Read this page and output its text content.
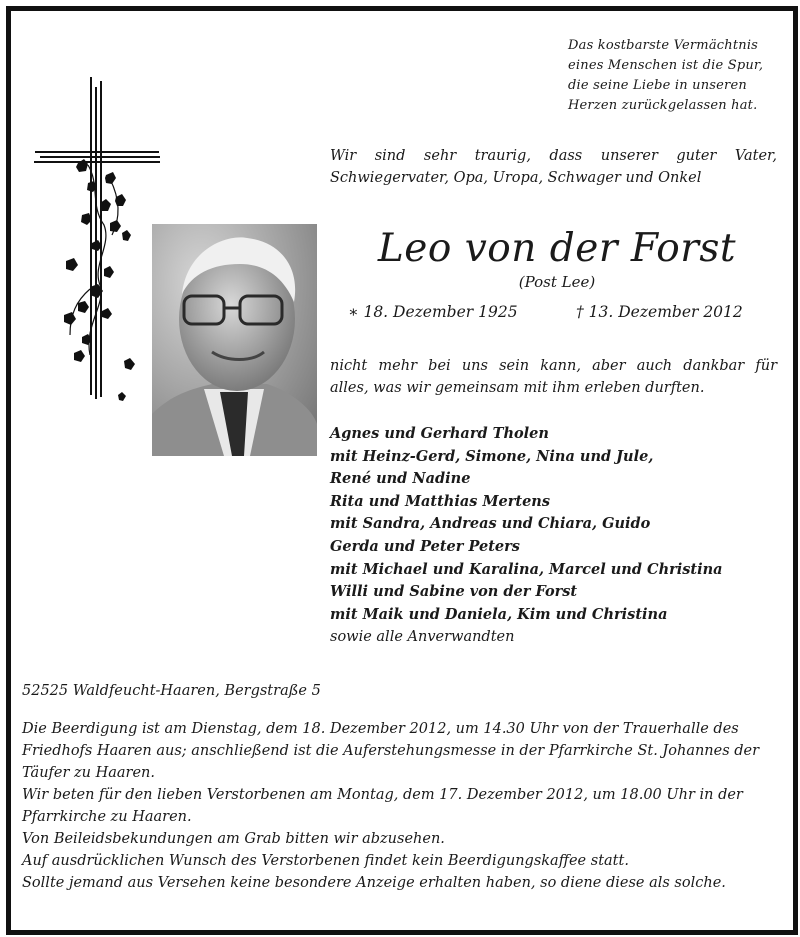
Das kostbarste Vermächtnis
eines Menschen ist die Spur,
die seine Liebe in unseren
Herzen zurückgelassen hat.
Wir sind sehr traurig, dass unserer guter Vater,
Schwiegervater, Opa, Uropa, Schwager und Onkel
Leo von der Forst
(Post Lee)
∗ 18. Dezember 1925	† 13. Dezember 2012
nicht mehr bei uns sein kann, aber auch dankbar für
alles, was wir gemeinsam mit ihm erleben durften.
Agnes und Gerhard Tholen
mit Heinz-Gerd, Simone, Nina und Jule,
René und Nadine
Rita und Matthias Mertens
mit Sandra, Andreas und Chiara, Guido
Gerda und Peter Peters
mit Michael und Karalina, Marcel und Christina
Willi und Sabine von der Forst
mit Maik und Daniela, Kim und Christina
sowie alle Anverwandten
52525 Waldfeucht-Haaren, Bergstraße 5

Die Beerdigung ist am Dienstag, dem 18. Dezember 2012, um 14.30 Uhr von der Trauerhalle des Friedhofs Haaren aus; anschließend ist die Auferstehungsmesse in der Pfarrkirche St. Johannes der Täufer zu Haaren.

Wir beten für den lieben Verstorbenen am Montag, dem 17. Dezember 2012, um 18.00 Uhr in der Pfarrkirche zu Haaren.

Von Beileidsbekundungen am Grab bitten wir abzusehen.

Auf ausdrücklichen Wunsch des Verstorbenen findet kein Beerdigungskaffee statt.

Sollte jemand aus Versehen keine besondere Anzeige erhalten haben, so diene diese als solche.
